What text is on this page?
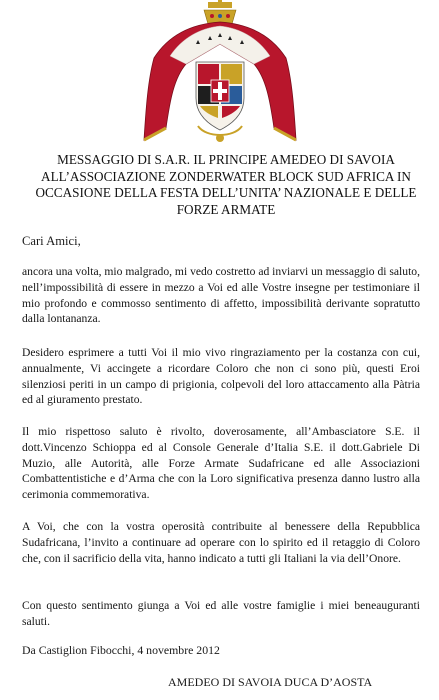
MESSAGGIO DI S.A.R. IL PRINCIPE AMEDEO DI SAVOIA
ALL’ASSOCIAZIONE ZONDERWATER BLOCK SUD AFRICA IN
OCCASIONE DELLA FESTA DELL’UNITA’ NAZIONALE E DELLE
FORZE ARMATE
Cari Amici,
ancora una volta, mio malgrado, mi vedo costretto ad inviarvi un messaggio di saluto, nell’impossibilità di essere in mezzo a Voi ed alle Vostre insegne per testimoniare il mio profondo e commosso sentimento di affetto, impossibilità derivante sopratutto dalla lontananza.
Desidero esprimere a tutti Voi il mio vivo ringraziamento per la costanza con cui, annualmente, Vi accingete a ricordare Coloro che non ci sono più, questi Eroi silenziosi periti in un campo di prigionia, colpevoli del loro attaccamento alla Pàtria ed al giuramento prestato.
Il mio rispettoso saluto è rivolto, doverosamente, all’Ambasciatore S.E. il dott.Vincenzo Schioppa ed al Console Generale d’Italia S.E. il dott.Gabriele Di Muzio, alle Autorità, alle Forze Armate Sudafricane ed alle Associazioni Combattentistiche e d’Arma che con la Loro significativa presenza danno lustro alla cerimonia commemorativa.
A Voi, che con la vostra operosità contribuite al benessere della Repubblica Sudafricana, l’invito a continuare ad operare con lo spirito ed il retaggio di Coloro che, con il sacrificio della vita, hanno indicato a tutti gli Italiani la via dell’Onore.
Con questo sentimento giunga a Voi ed alle vostre famiglie i miei beneauguranti saluti.
Da Castiglion Fibocchi, 4 novembre 2012
AMEDEO DI SAVOIA DUCA D’AOSTA
